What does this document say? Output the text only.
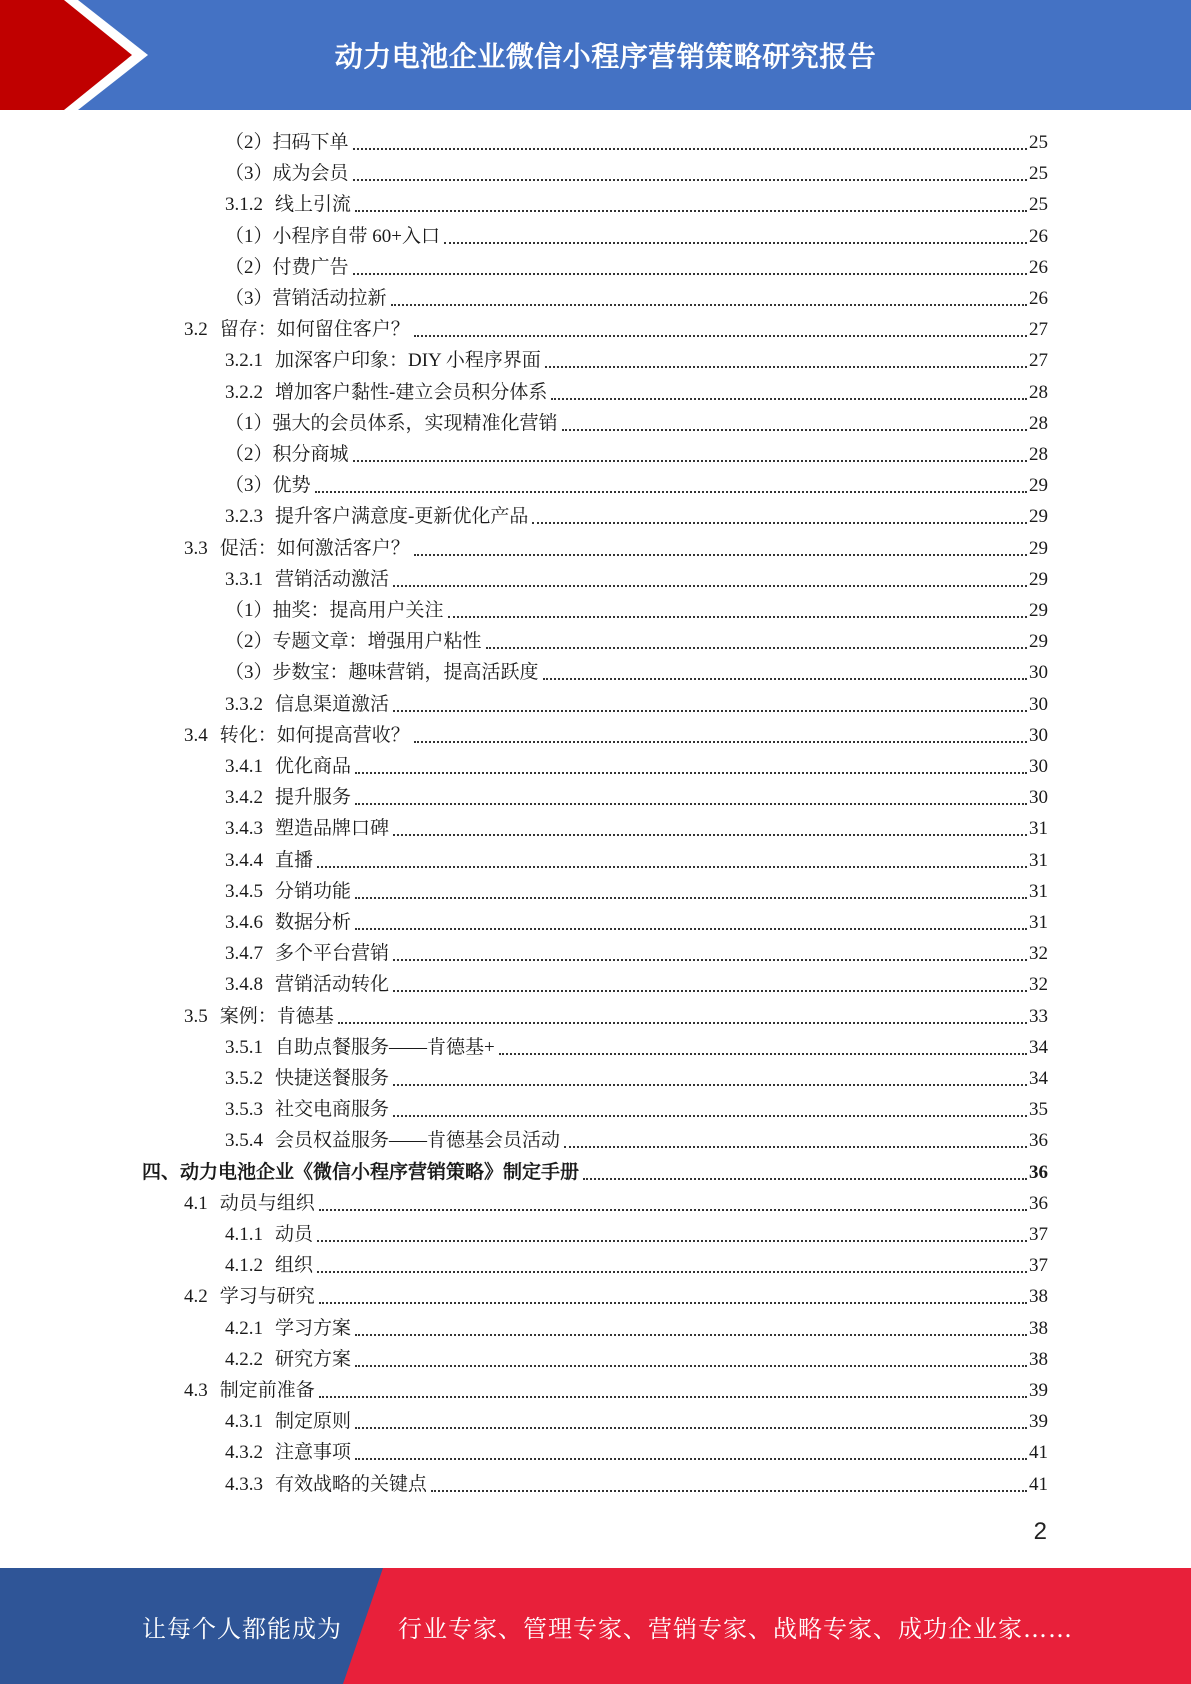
动力电池企业微信小程序营销策略研究报告
（2） 扫码下单	25
（3） 成为会员	25
3.1.2 线上引流	25
（1） 小程序自带 60+入口	26
（2） 付费广告	26
（3） 营销活动拉新	26
3.2 留存：如何留住客户？	27
3.2.1 加深客户印象：DIY 小程序界面	27
3.2.2 增加客户黏性-建立会员积分体系	28
（1） 强大的会员体系，实现精准化营销	28
（2） 积分商城	28
（3） 优势	29
3.2.3 提升客户满意度-更新优化产品	29
3.3 促活：如何激活客户？	29
3.3.1 营销活动激活	29
（1） 抽奖：提高用户关注	29
（2） 专题文章：增强用户粘性	29
（3） 步数宝：趣味营销，提高活跃度	30
3.3.2 信息渠道激活	30
3.4 转化：如何提高营收？	30
3.4.1 优化商品	30
3.4.2 提升服务	30
3.4.3 塑造品牌口碑	31
3.4.4 直播	31
3.4.5 分销功能	31
3.4.6 数据分析	31
3.4.7 多个平台营销	32
3.4.8 营销活动转化	32
3.5 案例：肯德基	33
3.5.1 自助点餐服务——肯德基+	34
3.5.2 快捷送餐服务	34
3.5.3 社交电商服务	35
3.5.4 会员权益服务——肯德基会员活动	36
四、 动力电池企业《微信小程序营销策略》制定手册	36
4.1 动员与组织	36
4.1.1 动员	37
4.1.2 组织	37
4.2 学习与研究	38
4.2.1 学习方案	38
4.2.2 研究方案	38
4.3 制定前准备	39
4.3.1 制定原则	39
4.3.2 注意事项	41
4.3.3 有效战略的关键点	41
2
让每个人都能成为 行业专家、管理专家、营销专家、战略专家、成功企业家……
